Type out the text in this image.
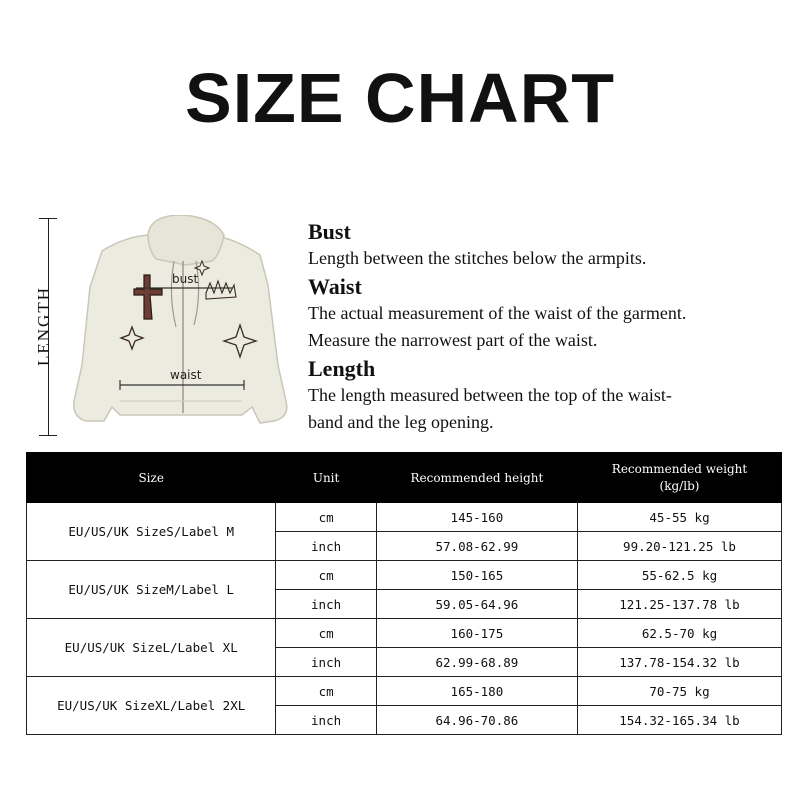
SIZE CHART
LENGTH
bust
waist
Bust

Length between the stitches below the armpits.

Waist

The actual measurement of the waist of the garment.

Measure the narrowest part of the waist.

Length

The length measured between the top of the waist-

band and the leg opening.

Size	Unit	Recommended height	Recommended weight
(kg/lb)

EU/US/UK SizeS/Label M	cm	145-160	45-55 kg
	inch	57.08-62.99	99.20-121.25 lb
EU/US/UK SizeM/Label L	cm	150-165	55-62.5 kg
	inch	59.05-64.96	121.25-137.78 lb
EU/US/UK SizeL/Label XL	cm	160-175	62.5-70 kg
	inch	62.99-68.89	137.78-154.32 lb
EU/US/UK SizeXL/Label 2XL	cm	165-180	70-75 kg
	inch	64.96-70.86	154.32-165.34 lb
